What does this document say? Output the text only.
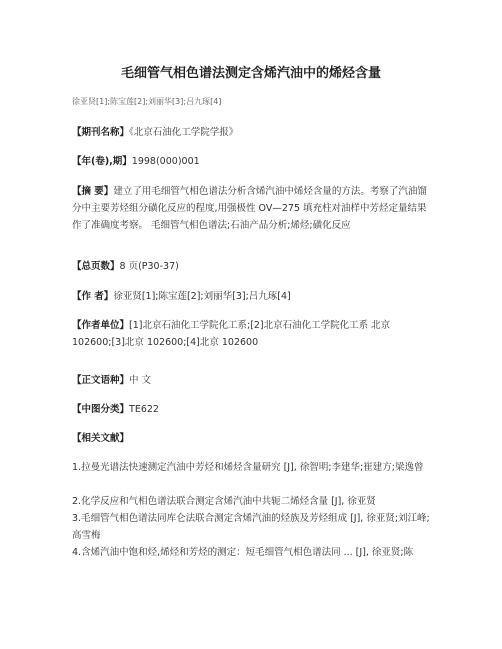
毛细管气相色谱法测定含烯汽油中的烯烃含量
徐亚贤[1];陈宝莲[2];刘丽华[3];吕九琢[4]
【期刊名称】《北京石油化工学院学报》
【年(卷),期】1998(000)001
【摘 要】建立了用毛细管气相色谱法分析含烯汽油中烯烃含量的方法。考察了汽油馏分中主要芳烃组分磺化反应的程度,用强极性 OV—275 填充柱对油样中芳烃定量结果作了准确度考察。 毛细管气相色谱法;石油产品分析;烯烃;磺化反应
【总页数】8 页(P30-37)
【作 者】徐亚贤[1];陈宝莲[2];刘丽华[3];吕九琢[4]
【作者单位】[1]北京石油化工学院化工系;[2]北京石油化工学院化工系 北京 102600;[3]北京 102600;[4]北京 102600
【正文语种】中 文
【中图分类】TE622
【相关文献】
1.拉曼光谱法快速测定汽油中芳烃和烯烃含量研究 [J], 徐智明;李建华;崔建方;梁逸曾
2.化学反应和气相色谱法联合测定含烯汽油中共轭二烯烃含量 [J], 徐亚贤
3.毛细管气相色谱法同库仑法联合测定含烯汽油的烃族及芳烃组成 [J], 徐亚贤;刘江峰;高雪梅
4.含烯汽油中饱和烃,烯烃和芳烃的测定：短毛细管气相色谱法同 ... [J], 徐亚贤;陈
